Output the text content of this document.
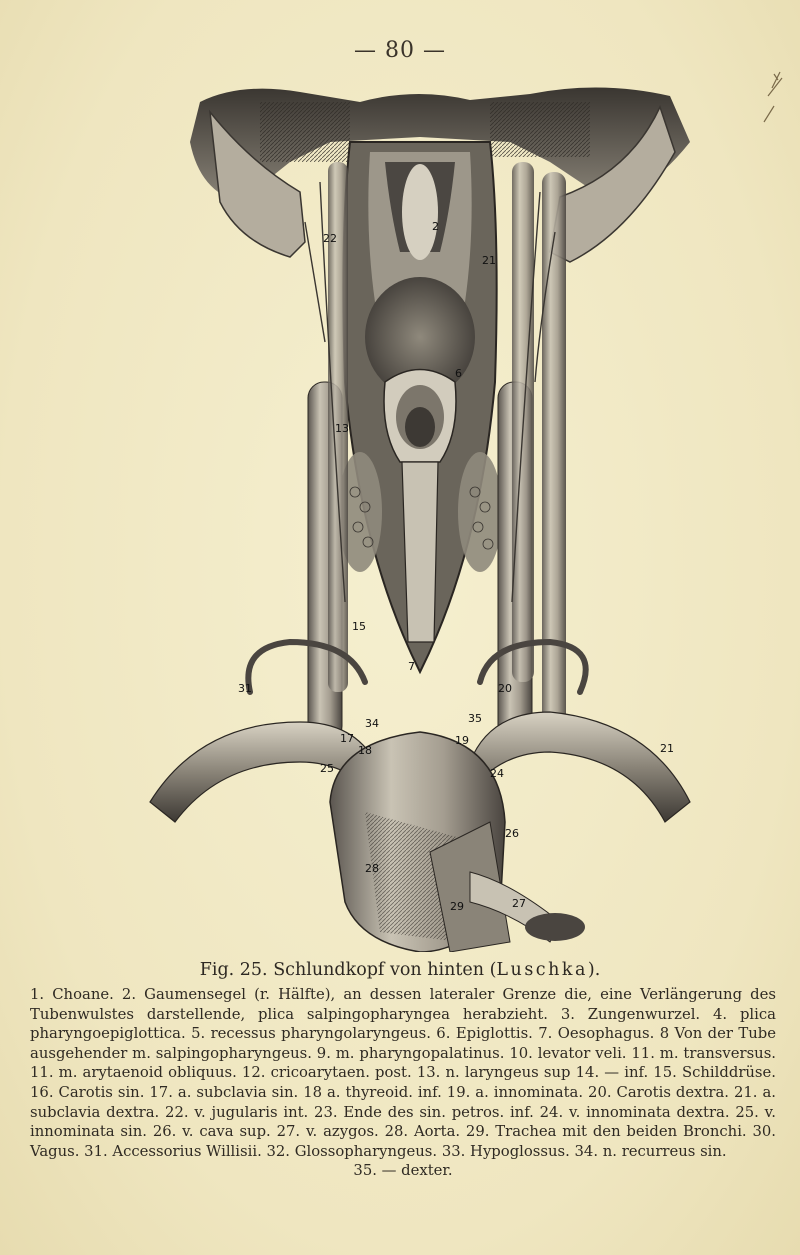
— 80 —
22
21
2
6
13
7
15
31	20
17
18
34
19
35
24
25
21
26
28
29	27
Fig. 25. Schlundkopf von hinten (Luschka).
1. Choane. 2. Gaumensegel (r. Hälfte), an dessen lateraler Grenze die, eine Verlängerung des Tubenwulstes darstellende, plica salpingopharyngea herabzieht. 3. Zungenwurzel. 4. plica pharyngoepiglottica. 5. recessus pharyngolaryngeus. 6. Epiglottis. 7. Oesophagus. 8 Von der Tube ausgehender m. salpingopharyngeus. 9. m. pharyngopalatinus. 10. levator veli. 11. m. transversus. 11. m. arytaenoid obliquus. 12. cricoarytaen. post. 13. n. laryngeus sup 14. — inf. 15. Schilddrüse. 16. Carotis sin. 17. a. subclavia sin. 18 a. thyreoid. inf. 19. a. innominata. 20. Carotis dextra. 21. a. subclavia dextra. 22. v. jugularis int. 23. Ende des sin. petros. inf. 24. v. innominata dextra. 25. v. innominata sin. 26. v. cava sup. 27. v. azygos. 28. Aorta. 29. Trachea mit den beiden Bronchi. 30. Vagus. 31. Accessorius Willisii. 32. Glossopharyngeus. 33. Hypoglossus. 34. n. recurreus sin.
35. — dexter.
